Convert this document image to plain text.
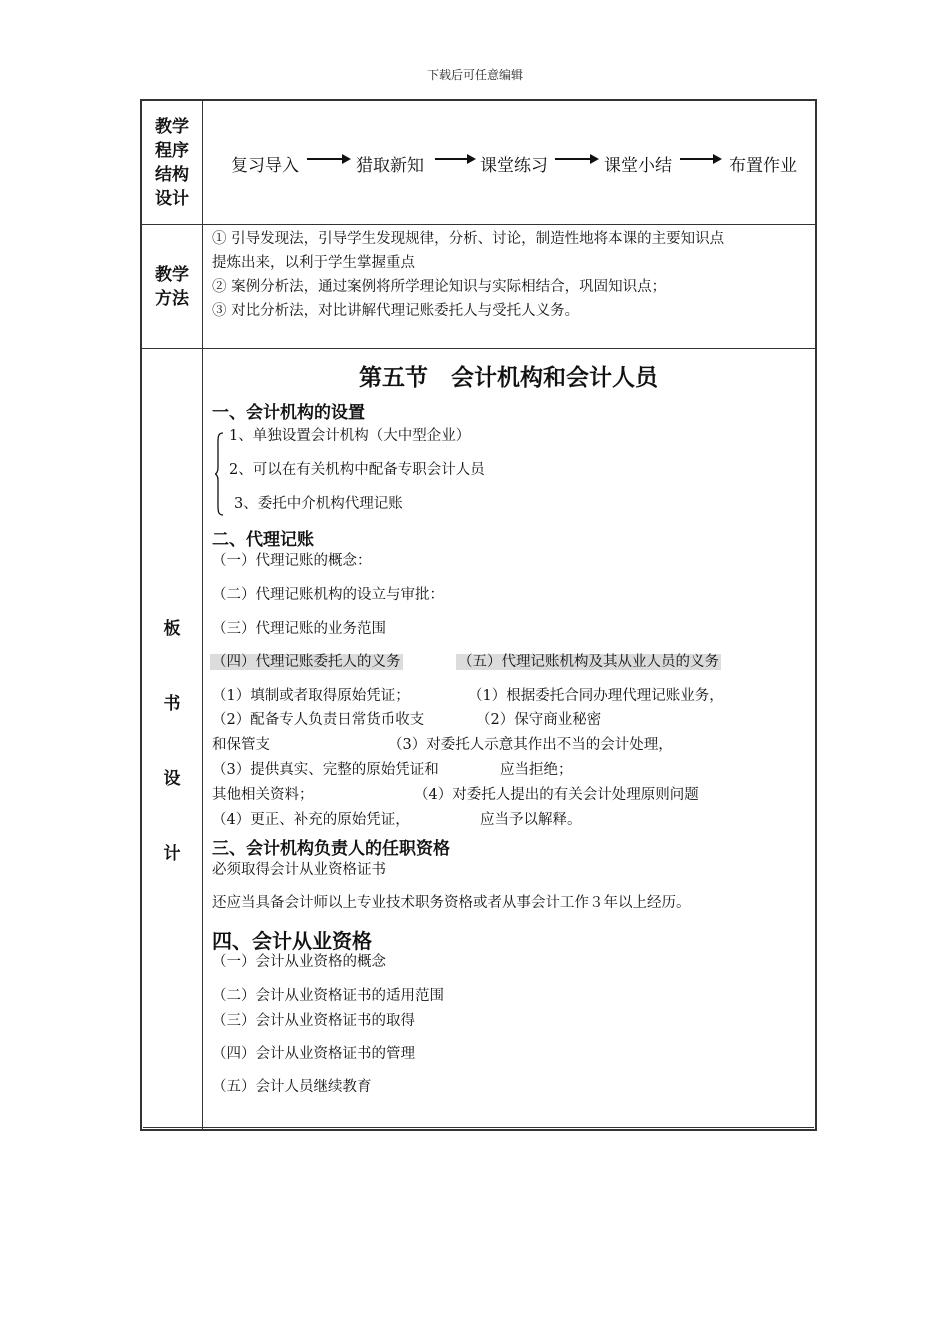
下载后可任意编辑
教学
程序
结构
设计
复习导入	猎取新知	课堂练习	课堂小结	布置作业
教学
方法
① 引导发现法，引导学生发现规律，分析、讨论，制造性地将本课的主要知识点
提炼出来，以利于学生掌握重点
② 案例分析法，通过案例将所学理论知识与实际相结合，巩固知识点；
③ 对比分析法，对比讲解代理记账委托人与受托人义务。
板
书
设
计
第五节　会计机构和会计人员
一、会计机构的设置
1、单独设置会计机构（大中型企业）
2、可以在有关机构中配备专职会计人员
3、委托中介机构代理记账
二、代理记账
（一）代理记账的概念：
（二）代理记账机构的设立与审批：
（三）代理记账的业务范围
（四）代理记账委托人的义务	（五）代理记账机构及其从业人员的义务
（1）填制或者取得原始凭证；	（1）根据委托合同办理代理记账业务，
（2）配备专人负责日常货币收支	（2）保守商业秘密
和保管支	（3）对委托人示意其作出不当的会计处理，
（3）提供真实、完整的原始凭证和	应当拒绝；
其他相关资料；	（4）对委托人提出的有关会计处理原则问题
（4）更正、补充的原始凭证，	应当予以解释。
三、会计机构负责人的任职资格
必须取得会计从业资格证书
还应当具备会计师以上专业技术职务资格或者从事会计工作３年以上经历。
四、会计从业资格
（一）会计从业资格的概念
（二）会计从业资格证书的适用范围
（三）会计从业资格证书的取得
（四）会计从业资格证书的管理
（五）会计人员继续教育
